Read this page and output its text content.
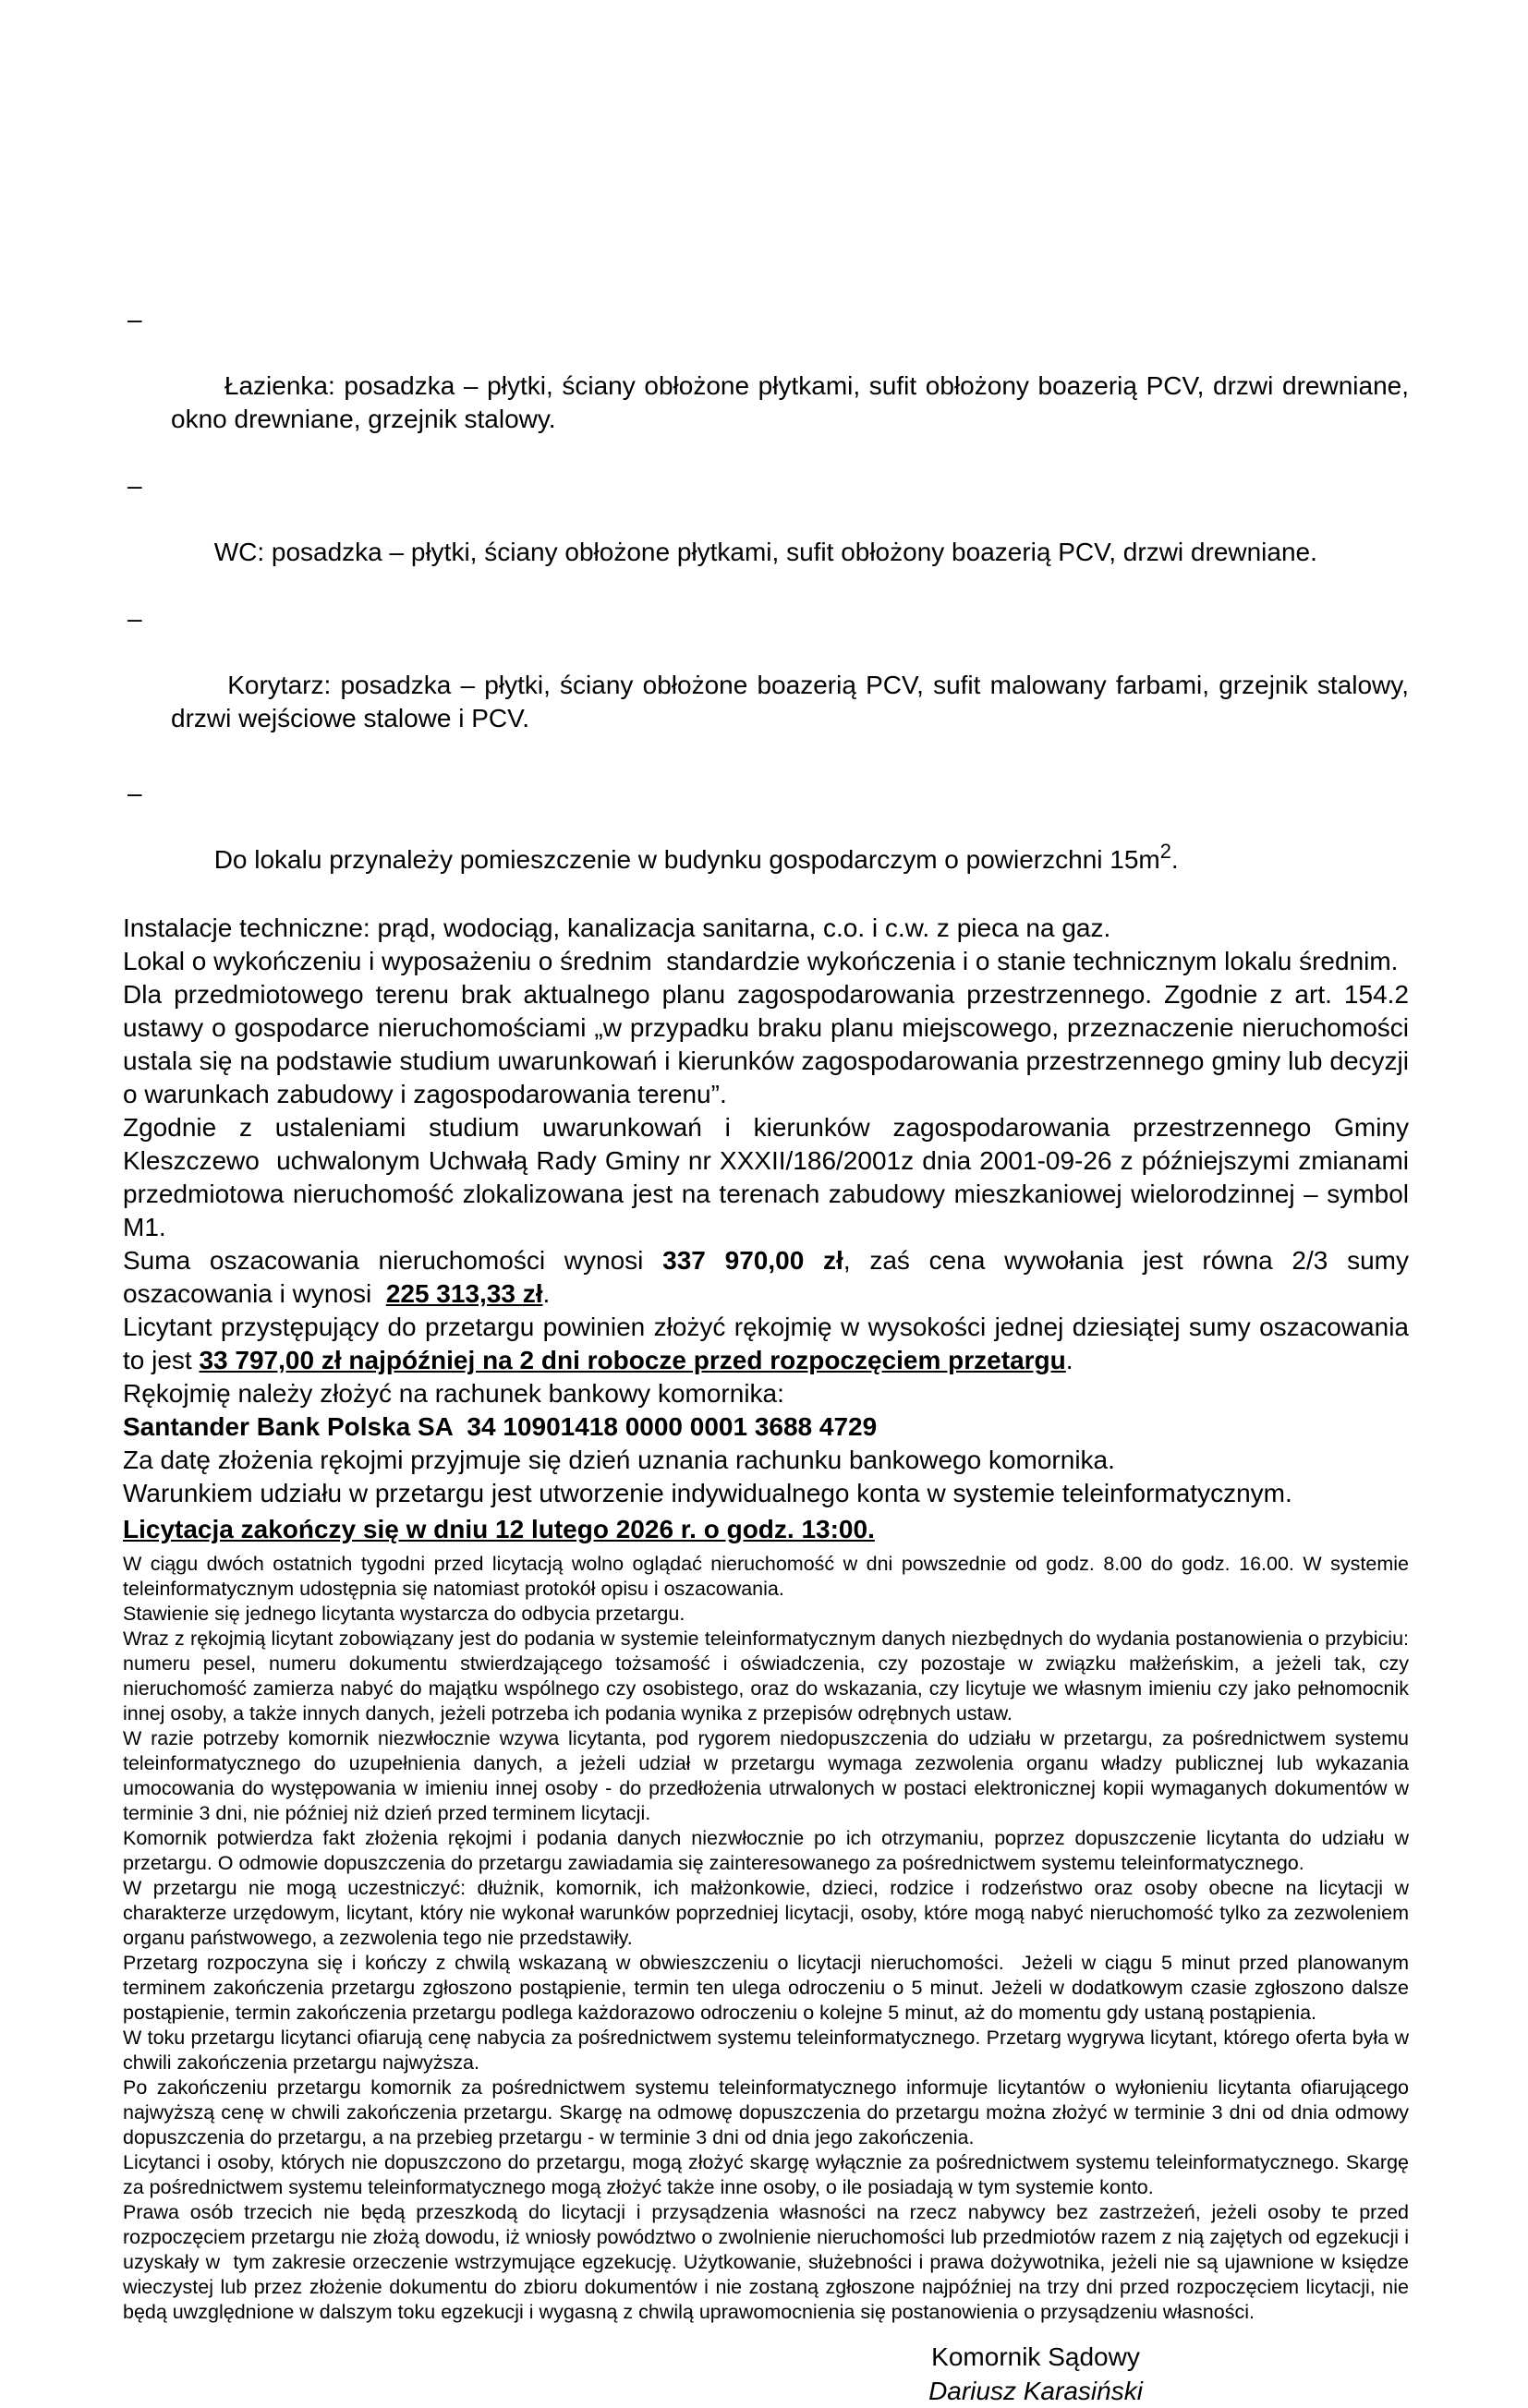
–

Łazienka: posadzka – płytki, ściany obłożone płytkami, sufit obłożony boazerią PCV, drzwi drewniane, okno drewniane, grzejnik stalowy.

–

WC: posadzka – płytki, ściany obłożone płytkami, sufit obłożony boazerią PCV, drzwi drewniane.

–

Korytarz: posadzka – płytki, ściany obłożone boazerią PCV, sufit malowany farbami, grzejnik stalowy, drzwi wejściowe stalowe i PCV.

–

Do lokalu przynależy pomieszczenie w budynku gospodarczym o powierzchni $15m^2$.

Instalacje techniczne: prąd, wodociąg, kanalizacja sanitarna, c.o. i c.w. z pieca na gaz.

Lokal o wykończeniu i wyposażeniu o średnim  standardzie wykończenia i o stanie technicznym lokalu średnim.

Dla przedmiotowego terenu brak aktualnego planu zagospodarowania przestrzennego. Zgodnie z art. 154.2 ustawy o gospodarce nieruchomościami „w przypadku braku planu miejscowego, przeznaczenie nieruchomości ustala się na podstawie studium uwarunkowań i kierunków zagospodarowania przestrzennego gminy lub decyzji o warunkach zabudowy i zagospodarowania terenu”.

Zgodnie z ustaleniami studium uwarunkowań i kierunków zagospodarowania przestrzennego Gminy Kleszczewo  uchwalonym Uchwałą Rady Gminy nr XXXII/186/2001z dnia 2001-09-26 z późniejszymi zmianami przedmiotowa nieruchomość zlokalizowana jest na terenach zabudowy mieszkaniowej wielorodzinnej – symbol M1.

Suma oszacowania nieruchomości wynosi 337 970,00 zł, zaś cena wywołania jest równa 2/3 sumy oszacowania i wynosi  225 313,33 zł.

Licytant przystępujący do przetargu powinien złożyć rękojmię w wysokości jednej dziesiątej sumy oszacowania to jest 33 797,00 zł najpóźniej na 2 dni robocze przed rozpoczęciem przetargu.

Rękojmię należy złożyć na rachunek bankowy komornika:

Santander Bank Polska SA  34 10901418 0000 0001 3688 4729

Za datę złożenia rękojmi przyjmuje się dzień uznania rachunku bankowego komornika.

Warunkiem udziału w przetargu jest utworzenie indywidualnego konta w systemie teleinformatycznym.

Licytacja zakończy się w dniu 12 lutego 2026 r. o godz. 13:00.

W ciągu dwóch ostatnich tygodni przed licytacją wolno oglądać nieruchomość w dni powszednie od godz. 8.00 do godz. 16.00. W systemie teleinformatycznym udostępnia się natomiast protokół opisu i oszacowania.

Stawienie się jednego licytanta wystarcza do odbycia przetargu.

Wraz z rękojmią licytant zobowiązany jest do podania w systemie teleinformatycznym danych niezbędnych do wydania postanowienia o przybiciu: numeru pesel, numeru dokumentu stwierdzającego tożsamość i oświadczenia, czy pozostaje w związku małżeńskim, a jeżeli tak, czy nieruchomość zamierza nabyć do majątku wspólnego czy osobistego, oraz do wskazania, czy licytuje we własnym imieniu czy jako pełnomocnik innej osoby, a także innych danych, jeżeli potrzeba ich podania wynika z przepisów odrębnych ustaw.

W razie potrzeby komornik niezwłocznie wzywa licytanta, pod rygorem niedopuszczenia do udziału w przetargu, za pośrednictwem systemu teleinformatycznego do uzupełnienia danych, a jeżeli udział w przetargu wymaga zezwolenia organu władzy publicznej lub wykazania umocowania do występowania w imieniu innej osoby - do przedłożenia utrwalonych w postaci elektronicznej kopii wymaganych dokumentów w terminie 3 dni, nie później niż dzień przed terminem licytacji.

Komornik potwierdza fakt złożenia rękojmi i podania danych niezwłocznie po ich otrzymaniu, poprzez dopuszczenie licytanta do udziału w przetargu. O odmowie dopuszczenia do przetargu zawiadamia się zainteresowanego za pośrednictwem systemu teleinformatycznego.

W przetargu nie mogą uczestniczyć: dłużnik, komornik, ich małżonkowie, dzieci, rodzice i rodzeństwo oraz osoby obecne na licytacji w charakterze urzędowym, licytant, który nie wykonał warunków poprzedniej licytacji, osoby, które mogą nabyć nieruchomość tylko za zezwoleniem organu państwowego, a zezwolenia tego nie przedstawiły.

Przetarg rozpoczyna się i kończy z chwilą wskazaną w obwieszczeniu o licytacji nieruchomości.  Jeżeli w ciągu 5 minut przed planowanym terminem zakończenia przetargu zgłoszono postąpienie, termin ten ulega odroczeniu o 5 minut. Jeżeli w dodatkowym czasie zgłoszono dalsze postąpienie, termin zakończenia przetargu podlega każdorazowo odroczeniu o kolejne 5 minut, aż do momentu gdy ustaną postąpienia.

W toku przetargu licytanci ofiarują cenę nabycia za pośrednictwem systemu teleinformatycznego. Przetarg wygrywa licytant, którego oferta była w chwili zakończenia przetargu najwyższa.

Po zakończeniu przetargu komornik za pośrednictwem systemu teleinformatycznego informuje licytantów o wyłonieniu licytanta ofiarującego najwyższą cenę w chwili zakończenia przetargu. Skargę na odmowę dopuszczenia do przetargu można złożyć w terminie 3 dni od dnia odmowy dopuszczenia do przetargu, a na przebieg przetargu - w terminie 3 dni od dnia jego zakończenia.

Licytanci i osoby, których nie dopuszczono do przetargu, mogą złożyć skargę wyłącznie za pośrednictwem systemu teleinformatycznego. Skargę za pośrednictwem systemu teleinformatycznego mogą złożyć także inne osoby, o ile posiadają w tym systemie konto.

Prawa osób trzecich nie będą przeszkodą do licytacji i przysądzenia własności na rzecz nabywcy bez zastrzeżeń, jeżeli osoby te przed rozpoczęciem przetargu nie złożą dowodu, iż wniosły powództwo o zwolnienie nieruchomości lub przedmiotów razem z nią zajętych od egzekucji i uzyskały w  tym zakresie orzeczenie wstrzymujące egzekucję. Użytkowanie, służebności i prawa dożywotnika, jeżeli nie są ujawnione w księdze wieczystej lub przez złożenie dokumentu do zbioru dokumentów i nie zostaną zgłoszone najpóźniej na trzy dni przed rozpoczęciem licytacji, nie będą uwzględnione w dalszym toku egzekucji i wygasną z chwilą uprawomocnienia się postanowienia o przysądzeniu własności.

Komornik Sądowy
Dariusz Karasiński
